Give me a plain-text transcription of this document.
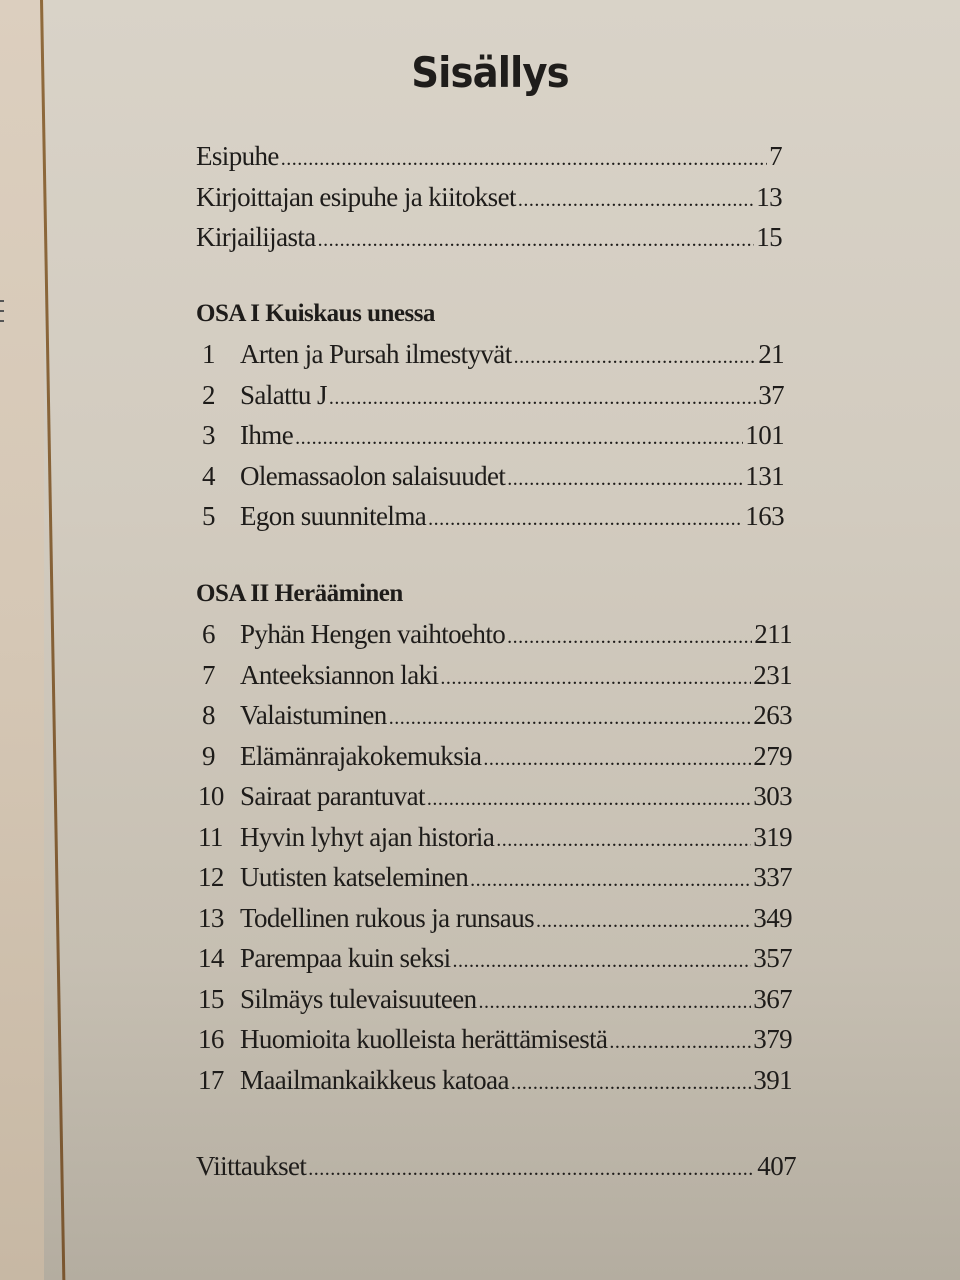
Sisällys
Esipuhe .....	7
Kirjoittajan esipuhe ja kiitokset .....	13
Kirjailijasta .....	15
OSA I Kuiskaus unessa
1 Arten ja Pursah ilmestyvät .....	21
2 Salattu J .....	37
3 Ihme .....	101
4 Olemassaolon salaisuudet .....	131
5 Egon suunnitelma .....	163
OSA II Herääminen
6 Pyhän Hengen vaihtoehto .....	211
7 Anteeksiannon laki .....	231
8 Valaistuminen .....	263
9 Elämänrajakokemuksia .....	279
10 Sairaat parantuvat .....	303
11 Hyvin lyhyt ajan historia .....	319
12 Uutisten katseleminen .....	337
13 Todellinen rukous ja runsaus .....	349
14 Parempaa kuin seksi .....	357
15 Silmäys tulevaisuuteen .....	367
16 Huomioita kuolleista herättämisestä .....	379
17 Maailmankaikkeus katoaa .....	391
Viittaukset .....	407
